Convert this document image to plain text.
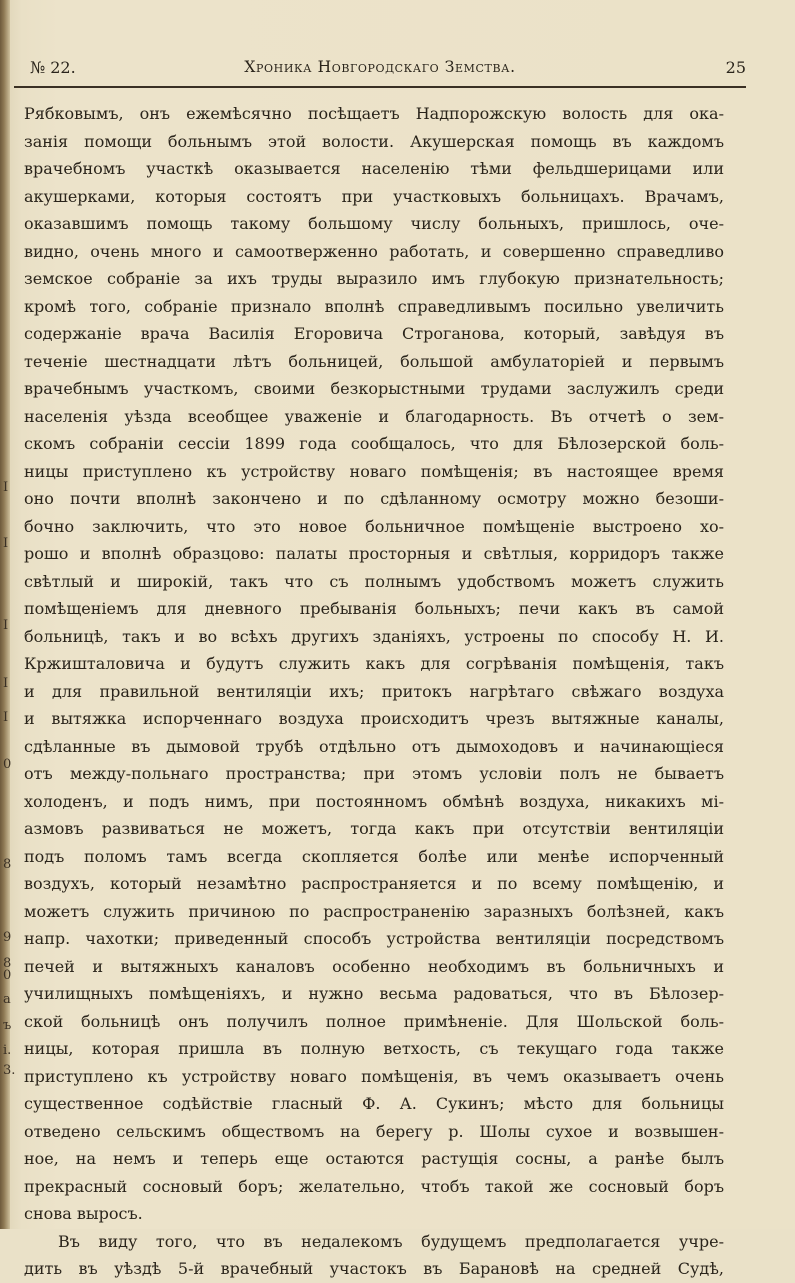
I
I
I
I
I
0
8
9
8
0
а
ъ
i.
3.
№ 22.	Хроника Новгородскаго Земства.	25
Рябковымъ, онъ ежемѣсячно посѣщаетъ Надпорожскую волость для ока-
занія помощи больнымъ этой волости. Акушерская помощь въ каждомъ
врачебномъ участкѣ оказывается населенію тѣми фельдшерицами или
акушерками, которыя состоятъ при участковыхъ больницахъ. Врачамъ,
оказавшимъ помощь такому большому числу больныхъ, пришлось, оче-
видно, очень много и самоотверженно работать, и совершенно справедливо
земское собраніе за ихъ труды выразило имъ глубокую признательность;
кромѣ того, собраніе признало вполнѣ справедливымъ посильно увеличить
содержаніе врача Василія Егоровича Строганова, который, завѣдуя въ
теченіе шестнадцати лѣтъ больницей, большой амбулаторіей и первымъ
врачебнымъ участкомъ, своими безкорыстными трудами заслужилъ среди
населенія уѣзда всеобщее уваженіе и благодарность. Въ отчетѣ о зем-
скомъ собраніи сессіи 1899 года сообщалось, что для Бѣлозерской боль-
ницы приступлено къ устройству новаго помѣщенія; въ настоящее время
оно почти вполнѣ закончено и по сдѣланному осмотру можно безоши-
бочно заключить, что это новое больничное помѣщеніе выстроено хо-
рошо и вполнѣ образцово: палаты просторныя и свѣтлыя, корридоръ также
свѣтлый и широкій, такъ что съ полнымъ удобствомъ можетъ служить
помѣщеніемъ для дневного пребыванія больныхъ; печи какъ въ самой
больницѣ, такъ и во всѣхъ другихъ зданіяхъ, устроены по способу Н. И.
Кржишталовича и будутъ служить какъ для согрѣванія помѣщенія, такъ
и для правильной вентиляціи ихъ; притокъ нагрѣтаго свѣжаго воздуха
и вытяжка испорченнаго воздуха происходитъ чрезъ вытяжные каналы,
сдѣланные въ дымовой трубѣ отдѣльно отъ дымоходовъ и начинающіеся
отъ между-польнаго пространства; при этомъ условіи полъ не бываетъ
холоденъ, и подъ нимъ, при постоянномъ обмѣнѣ воздуха, никакихъ мі-
азмовъ развиваться не можетъ, тогда какъ при отсутствіи вентиляціи
подъ поломъ тамъ всегда скопляется болѣе или менѣе испорченный
воздухъ, который незамѣтно распространяется и по всему помѣщенію, и
можетъ служить причиною по распространенію заразныхъ болѣзней, какъ
напр. чахотки; приведенный способъ устройства вентиляціи посредствомъ
печей и вытяжныхъ каналовъ особенно необходимъ въ больничныхъ и
училищныхъ помѣщеніяхъ, и нужно весьма радоваться, что въ Бѣлозер-
ской больницѣ онъ получилъ полное примѣненіе. Для Шольской боль-
ницы, которая пришла въ полную ветхость, съ текущаго года также
приступлено къ устройству новаго помѣщенія, въ чемъ оказываетъ очень
существенное содѣйствіе гласный Ф. А. Сукинъ; мѣсто для больницы
отведено сельскимъ обществомъ на берегу р. Шолы сухое и возвышен-
ное, на немъ и теперь еще остаются растущія сосны, а ранѣе былъ
прекрасный сосновый боръ; желательно, чтобъ такой же сосновый боръ
снова выросъ.
Въ виду того, что въ недалекомъ будущемъ предполагается учре-
дить въ уѣздѣ 5-й врачебный участокъ въ Барановѣ на средней Судѣ,
